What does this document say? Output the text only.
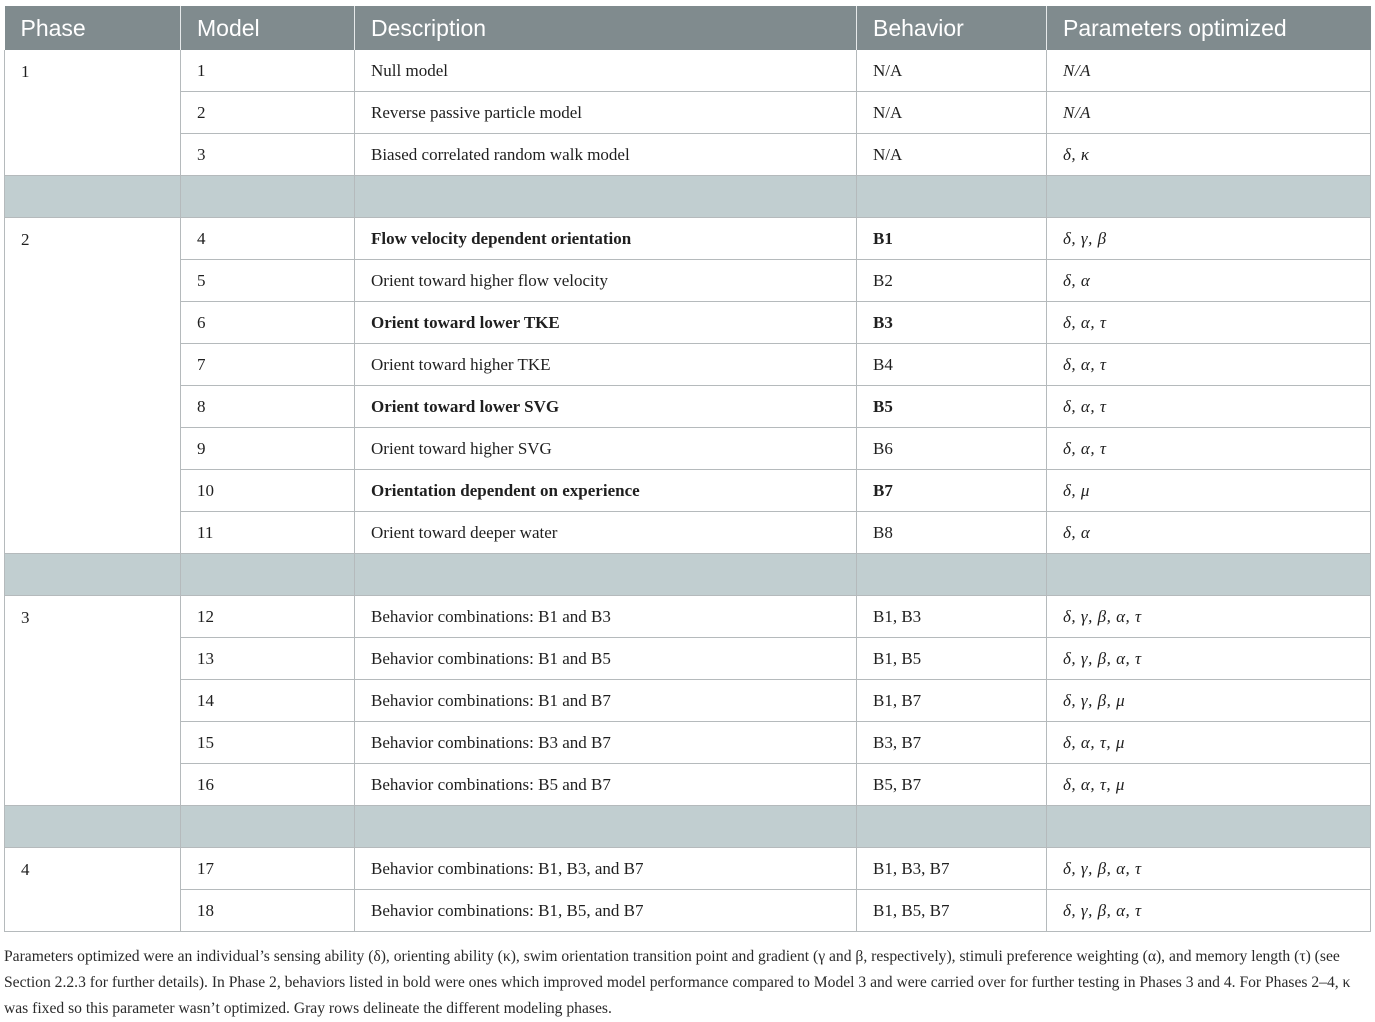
Phase	Model	Description	Behavior	Parameters optimized
1	1	Null model	N/A	N/A
	2	Reverse passive particle model	N/A	N/A
	3	Biased correlated random walk model	N/A	δ, κ

2	4	Flow velocity dependent orientation	B1	δ, γ, β
	5	Orient toward higher flow velocity	B2	δ, α
	6	Orient toward lower TKE	B3	δ, α, τ
	7	Orient toward higher TKE	B4	δ, α, τ
	8	Orient toward lower SVG	B5	δ, α, τ
	9	Orient toward higher SVG	B6	δ, α, τ
	10	Orientation dependent on experience	B7	δ, μ
	11	Orient toward deeper water	B8	δ, α

3	12	Behavior combinations: B1 and B3	B1, B3	δ, γ, β, α, τ
	13	Behavior combinations: B1 and B5	B1, B5	δ, γ, β, α, τ
	14	Behavior combinations: B1 and B7	B1, B7	δ, γ, β, μ
	15	Behavior combinations: B3 and B7	B3, B7	δ, α, τ, μ
	16	Behavior combinations: B5 and B7	B5, B7	δ, α, τ, μ

4	17	Behavior combinations: B1, B3, and B7	B1, B3, B7	δ, γ, β, α, τ
	18	Behavior combinations: B1, B5, and B7	B1, B5, B7	δ, γ, β, α, τ
Parameters optimized were an individual’s sensing ability (δ), orienting ability (κ), swim orientation transition point and gradient (γ and β, respectively), stimuli preference weighting (α), and memory length (τ) (see Section 2.2.3 for further details). In Phase 2, behaviors listed in bold were ones which improved model performance compared to Model 3 and were carried over for further testing in Phases 3 and 4. For Phases 2–4, κ was fixed so this parameter wasn’t optimized. Gray rows delineate the different modeling phases.
